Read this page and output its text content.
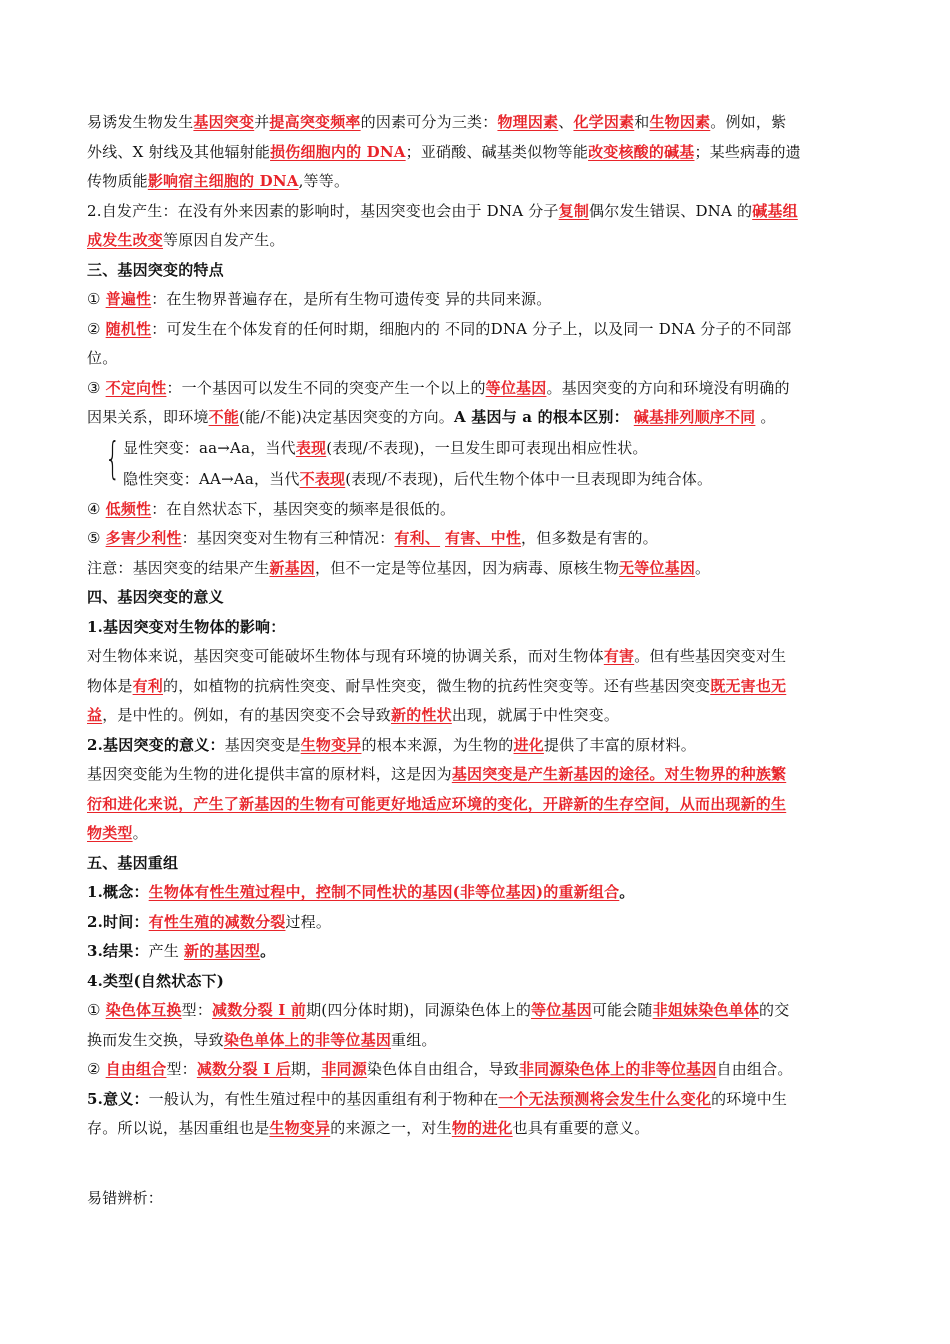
易诱发生物发生基因突变并提高突变频率的因素可分为三类：物理因素、化学因素和生物因素。例如，紫
外线、X 射线及其他辐射能损伤细胞内的 DNA；亚硝酸、碱基类似物等能改变核酸的碱基；某些病毒的遗
传物质能影响宿主细胞的 DNA,等等。
2.自发产生：在没有外来因素的影响时，基因突变也会由于 DNA 分子复制偶尔发生错误、DNA 的碱基组
成发生改变等原因自发产生。
三、基因突变的特点
① 普遍性：在生物界普遍存在，是所有生物可遗传变 异的共同来源。
② 随机性：可发生在个体发育的任何时期，细胞内的 不同的DNA 分子上，以及同一 DNA 分子的不同部
位。
③ 不定向性：一个基因可以发生不同的突变产生一个以上的等位基因。基因突变的方向和环境没有明确的
因果关系，即环境不能(能/不能)决定基因突变的方向。A 基因与 a 的根本区别： 碱基排列顺序不同 。
{ 显性突变：aa→Aa，当代表现(表现/不表现)，一旦发生即可表现出相应性状。
隐性突变：AA→Aa，当代不表现(表现/不表现)，后代生物个体中一旦表现即为纯合体。
④ 低频性：在自然状态下，基因突变的频率是很低的。
⑤ 多害少利性：基因突变对生物有三种情况：有利、 有害、中性，但多数是有害的。
注意：基因突变的结果产生新基因，但不一定是等位基因，因为病毒、原核生物无等位基因。
四、基因突变的意义
1.基因突变对生物体的影响：
对生物体来说，基因突变可能破坏生物体与现有环境的协调关系，而对生物体有害。但有些基因突变对生
物体是有利的，如植物的抗病性突变、耐旱性突变，微生物的抗药性突变等。还有些基因突变既无害也无
益，是中性的。例如，有的基因突变不会导致新的性状出现，就属于中性突变。
2.基因突变的意义：基因突变是生物变异的根本来源，为生物的进化提供了丰富的原材料。
基因突变能为生物的进化提供丰富的原材料，这是因为基因突变是产生新基因的途径。对生物界的种族繁
衍和进化来说，产生了新基因的生物有可能更好地适应环境的变化，开辟新的生存空间，从而出现新的生
物类型。
五、基因重组
1.概念：生物体有性生殖过程中，控制不同性状的基因(非等位基因)的重新组合。
2.时间：有性生殖的减数分裂过程。
3.结果：产生 新的基因型。
4.类型(自然状态下)
① 染色体互换型：减数分裂 I 前期(四分体时期)，同源染色体上的等位基因可能会随非姐妹染色单体的交
换而发生交换，导致染色单体上的非等位基因重组。
② 自由组合型：减数分裂 I 后期，非同源染色体自由组合，导致非同源染色体上的非等位基因自由组合。
5.意义：一般认为，有性生殖过程中的基因重组有利于物种在一个无法预测将会发生什么变化的环境中生
存。所以说，基因重组也是生物变异的来源之一，对生物的进化也具有重要的意义。
易错辨析：
